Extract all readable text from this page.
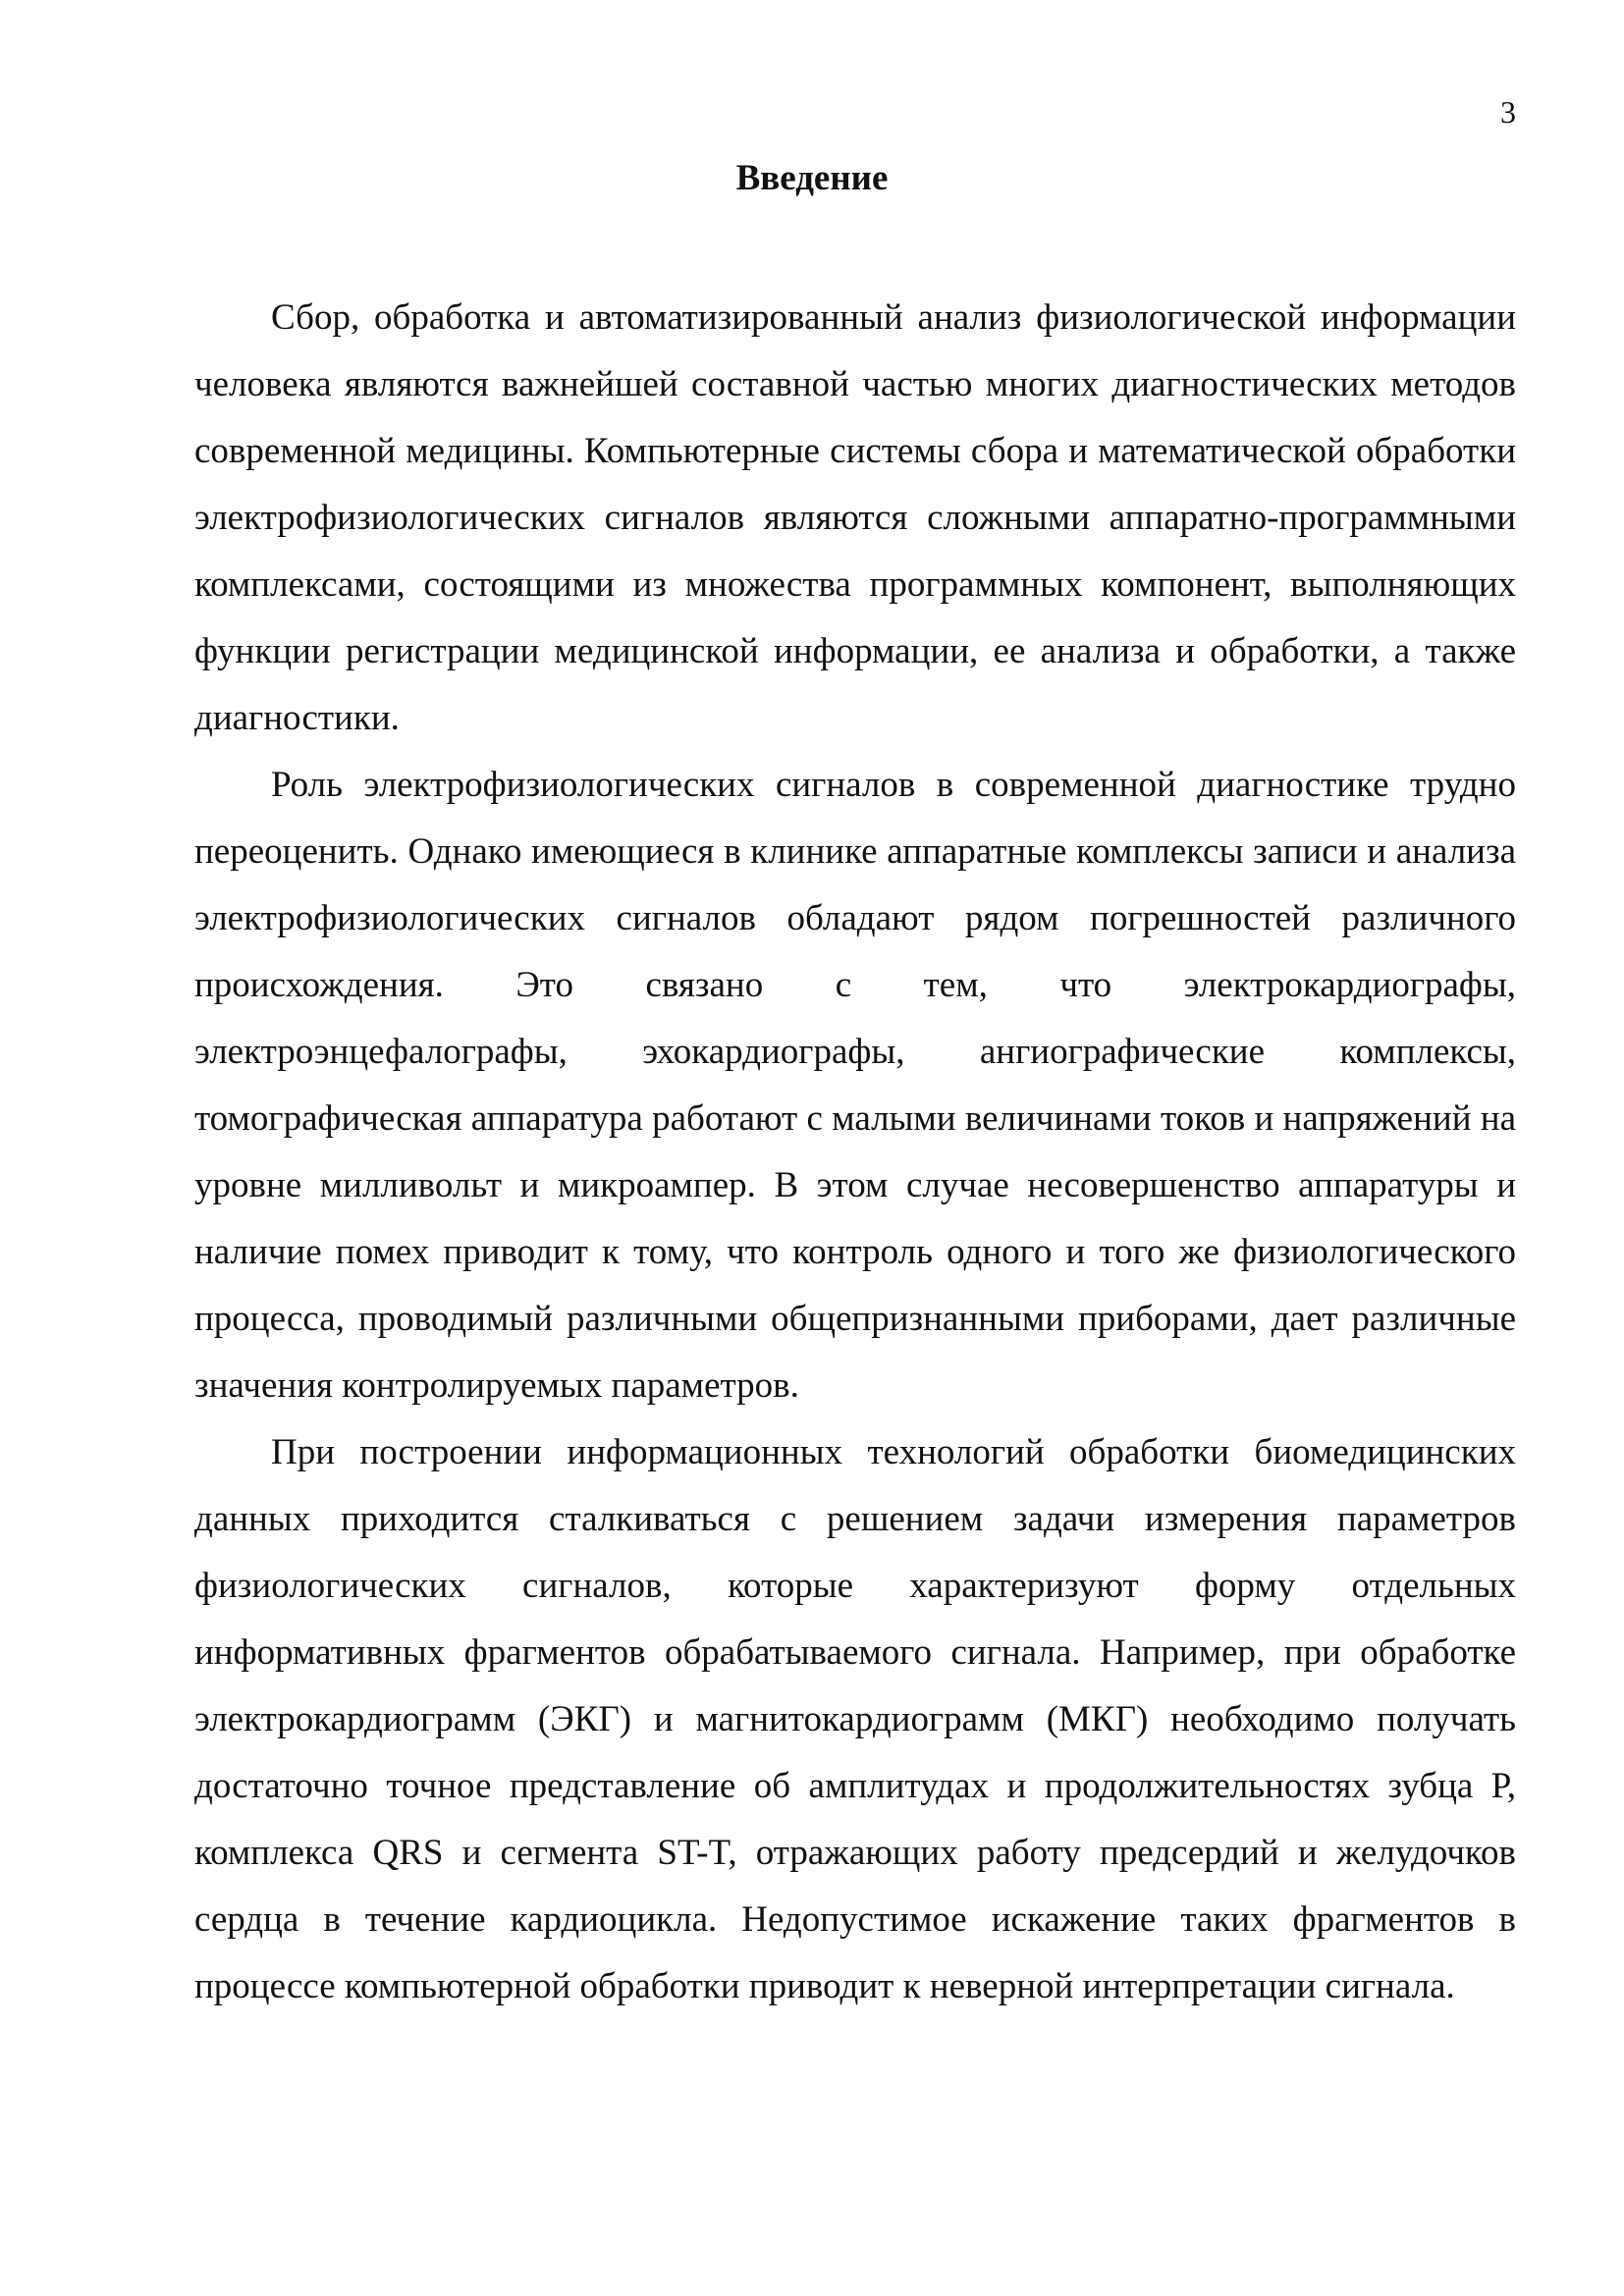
3
Введение

Сбор, обработка и автоматизированный анализ физиологической информации человека являются важнейшей составной частью многих диагностических методов современной медицины. Компьютерные системы сбора и математической обработки электрофизиологических сигналов являются сложными аппаратно-программными комплексами, состоящими из множества программных компонент, выполняющих функции регистрации медицинской информации, ее анализа и обработки, а также диагностики.

Роль электрофизиологических сигналов в современной диагностике трудно переоценить. Однако имеющиеся в клинике аппаратные комплексы записи и анализа электрофизиологических сигналов обладают рядом погрешностей различного происхождения. Это связано с тем, что электрокардиографы, электроэнцефалографы, эхокардиографы, ангиографические комплексы, томографическая аппаратура работают с малыми величинами токов и напряжений на уровне милливольт и микроампер. В этом случае несовершенство аппаратуры и наличие помех приводит к тому, что контроль одного и того же физиологического процесса, проводимый различными общепризнанными приборами, дает различные значения контролируемых параметров.

При построении информационных технологий обработки биомедицинских данных приходится сталкиваться с решением задачи измерения параметров физиологических сигналов, которые характеризуют форму отдельных информативных фрагментов обрабатываемого сигнала. Например, при обработке электрокардиограмм (ЭКГ) и магнитокардиограмм (МКГ) необходимо получать достаточно точное представление об амплитудах и продолжительностях зубца Р, комплекса QRS и сегмента ST-T, отражающих работу предсердий и желудочков сердца в течение кардиоцикла. Недопустимое искажение таких фрагментов в процессе компьютерной обработки приводит к неверной интерпретации сигнала.
